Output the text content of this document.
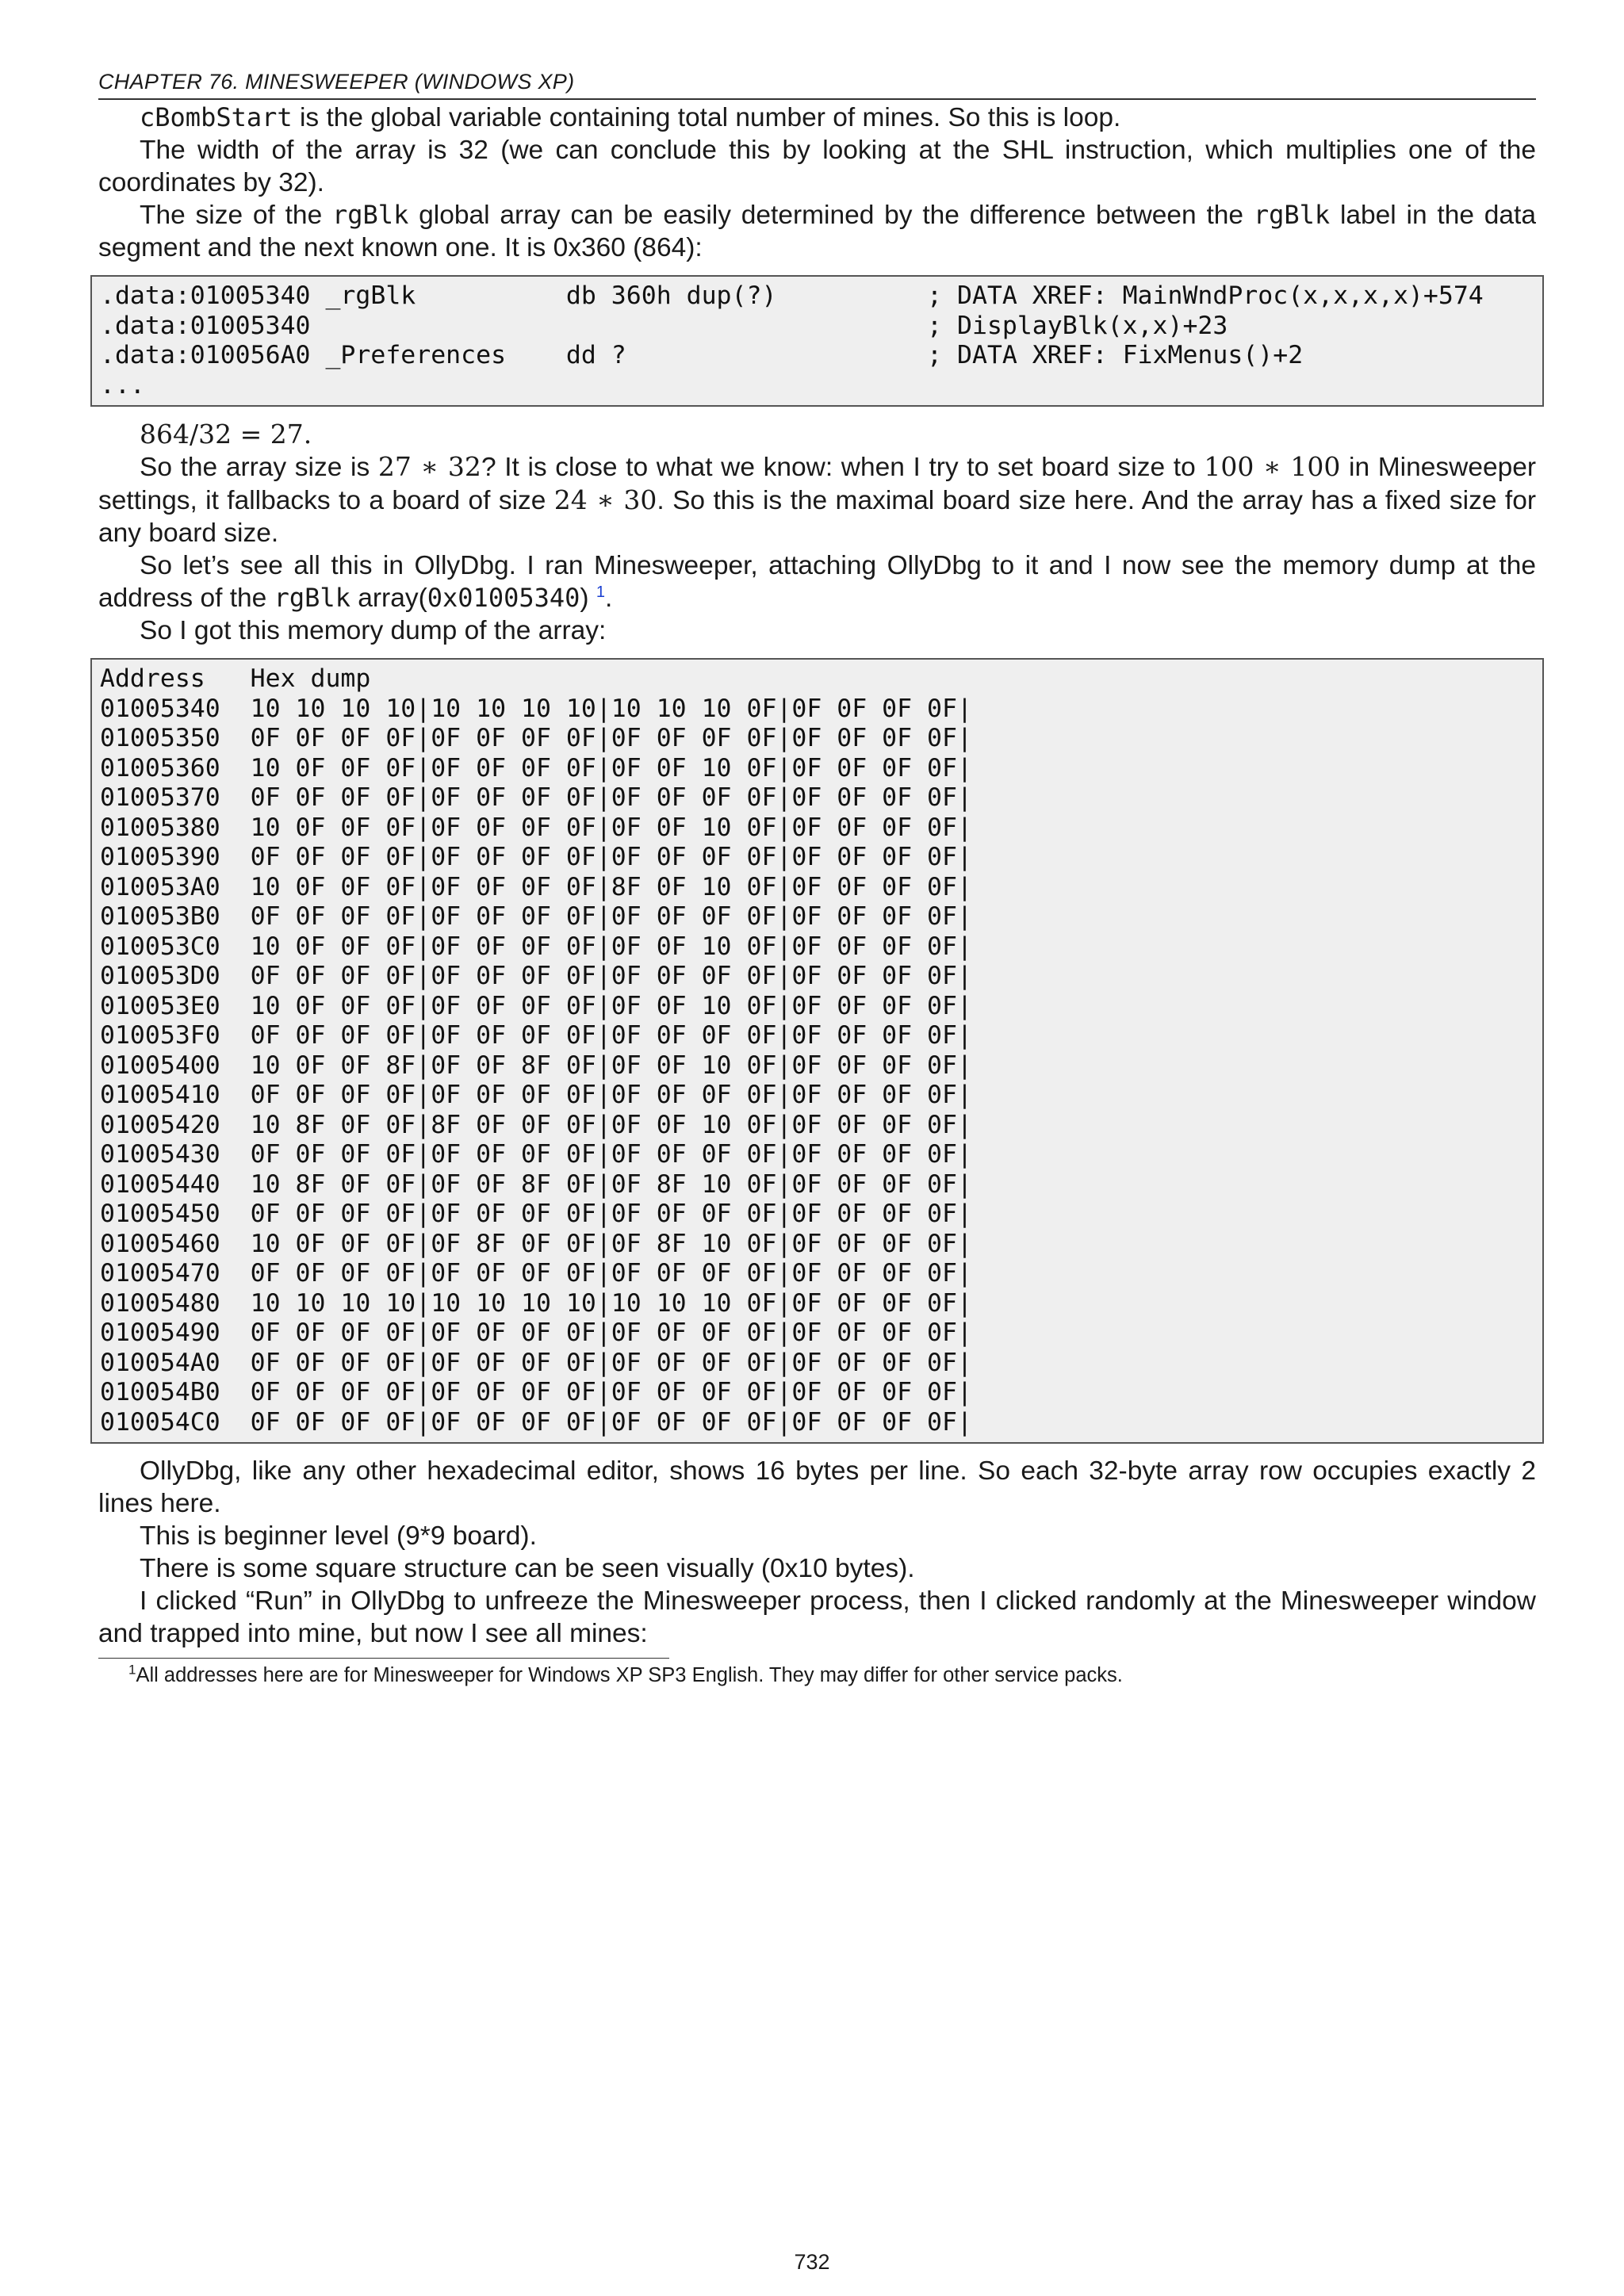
CHAPTER 76. MINESWEEPER (WINDOWS XP)

cBombStart is the global variable containing total number of mines. So this is loop.

The width of the array is 32 (we can conclude this by looking at the SHL instruction, which multiplies one of the coordinates by 32).

The size of the rgBlk global array can be easily determined by the difference between the rgBlk label in the data segment and the next known one. It is 0x360 (864):

.data:01005340 _rgBlk          db 360h dup(?)          ; DATA XREF: MainWndProc(x,x,x,x)+574
.data:01005340                                         ; DisplayBlk(x,x)+23
.data:010056A0 _Preferences    dd ?                    ; DATA XREF: FixMenus()+2
...

864/32 = 27.

So the array size is 27 ∗ 32? It is close to what we know: when I try to set board size to 100 ∗ 100 in Minesweeper settings, it fallbacks to a board of size 24 ∗ 30. So this is the maximal board size here. And the array has a fixed size for any board size.

So let’s see all this in OllyDbg. I ran Minesweeper, attaching OllyDbg to it and I now see the memory dump at the address of the rgBlk array(0x01005340) $^1$.

So I got this memory dump of the array:

Address   Hex dump
01005340  10 10 10 10|10 10 10 10|10 10 10 0F|0F 0F 0F 0F|
01005350  0F 0F 0F 0F|0F 0F 0F 0F|0F 0F 0F 0F|0F 0F 0F 0F|
01005360  10 0F 0F 0F|0F 0F 0F 0F|0F 0F 10 0F|0F 0F 0F 0F|
01005370  0F 0F 0F 0F|0F 0F 0F 0F|0F 0F 0F 0F|0F 0F 0F 0F|
01005380  10 0F 0F 0F|0F 0F 0F 0F|0F 0F 10 0F|0F 0F 0F 0F|
01005390  0F 0F 0F 0F|0F 0F 0F 0F|0F 0F 0F 0F|0F 0F 0F 0F|
010053A0  10 0F 0F 0F|0F 0F 0F 0F|8F 0F 10 0F|0F 0F 0F 0F|
010053B0  0F 0F 0F 0F|0F 0F 0F 0F|0F 0F 0F 0F|0F 0F 0F 0F|
010053C0  10 0F 0F 0F|0F 0F 0F 0F|0F 0F 10 0F|0F 0F 0F 0F|
010053D0  0F 0F 0F 0F|0F 0F 0F 0F|0F 0F 0F 0F|0F 0F 0F 0F|
010053E0  10 0F 0F 0F|0F 0F 0F 0F|0F 0F 10 0F|0F 0F 0F 0F|
010053F0  0F 0F 0F 0F|0F 0F 0F 0F|0F 0F 0F 0F|0F 0F 0F 0F|
01005400  10 0F 0F 8F|0F 0F 8F 0F|0F 0F 10 0F|0F 0F 0F 0F|
01005410  0F 0F 0F 0F|0F 0F 0F 0F|0F 0F 0F 0F|0F 0F 0F 0F|
01005420  10 8F 0F 0F|8F 0F 0F 0F|0F 0F 10 0F|0F 0F 0F 0F|
01005430  0F 0F 0F 0F|0F 0F 0F 0F|0F 0F 0F 0F|0F 0F 0F 0F|
01005440  10 8F 0F 0F|0F 0F 8F 0F|0F 8F 10 0F|0F 0F 0F 0F|
01005450  0F 0F 0F 0F|0F 0F 0F 0F|0F 0F 0F 0F|0F 0F 0F 0F|
01005460  10 0F 0F 0F|0F 8F 0F 0F|0F 8F 10 0F|0F 0F 0F 0F|
01005470  0F 0F 0F 0F|0F 0F 0F 0F|0F 0F 0F 0F|0F 0F 0F 0F|
01005480  10 10 10 10|10 10 10 10|10 10 10 0F|0F 0F 0F 0F|
01005490  0F 0F 0F 0F|0F 0F 0F 0F|0F 0F 0F 0F|0F 0F 0F 0F|
010054A0  0F 0F 0F 0F|0F 0F 0F 0F|0F 0F 0F 0F|0F 0F 0F 0F|
010054B0  0F 0F 0F 0F|0F 0F 0F 0F|0F 0F 0F 0F|0F 0F 0F 0F|
010054C0  0F 0F 0F 0F|0F 0F 0F 0F|0F 0F 0F 0F|0F 0F 0F 0F|

OllyDbg, like any other hexadecimal editor, shows 16 bytes per line. So each 32-byte array row occupies exactly 2 lines here.

This is beginner level (9*9 board).

There is some square structure can be seen visually (0x10 bytes).

I clicked “Run” in OllyDbg to unfreeze the Minesweeper process, then I clicked randomly at the Minesweeper window and trapped into mine, but now I see all mines:

$^1$All addresses here are for Minesweeper for Windows XP SP3 English. They may differ for other service packs.
732
